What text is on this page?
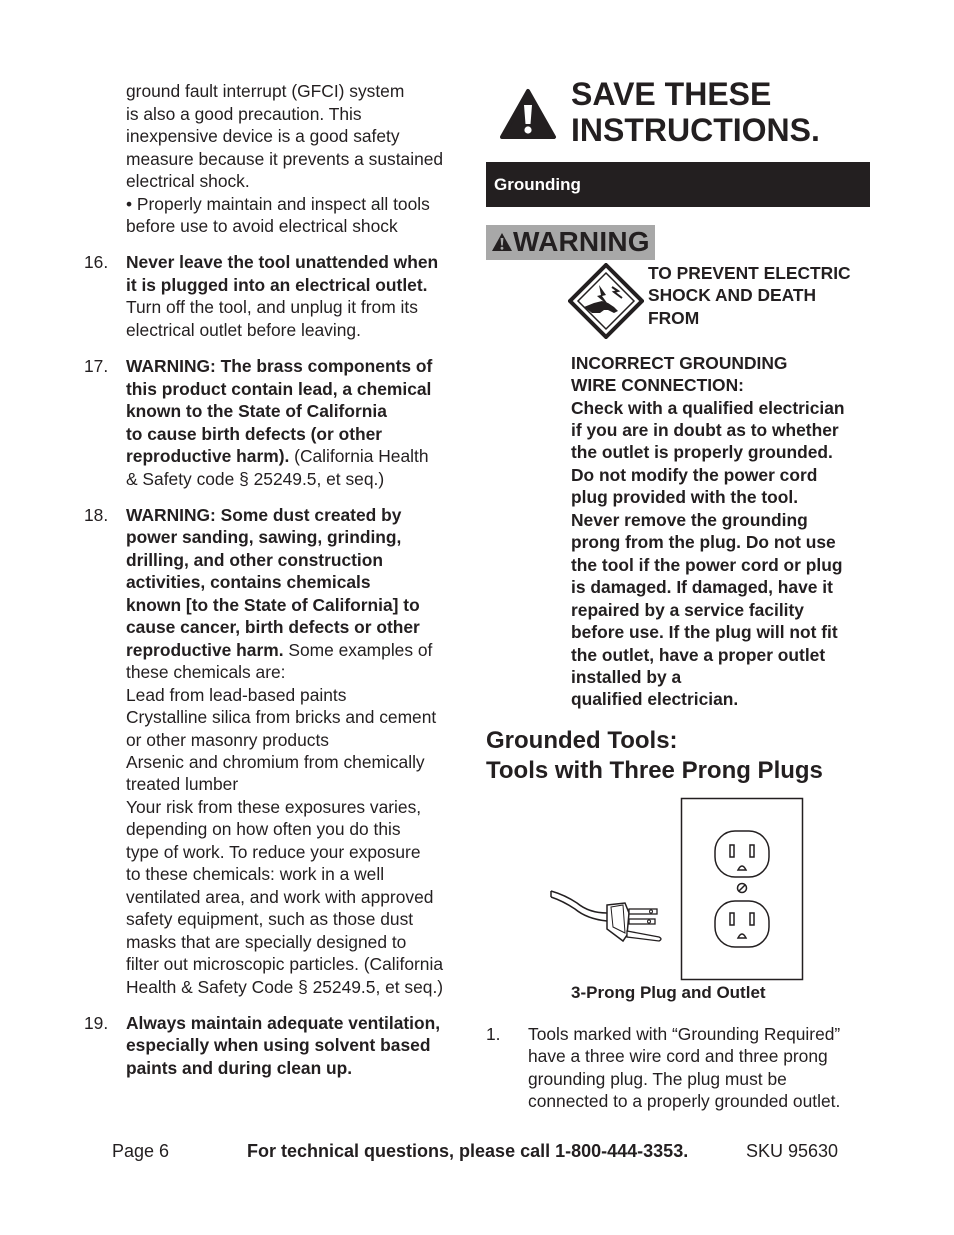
ground fault interrupt (GFCI) system
is also a good precaution. This
inexpensive device is a good safety
measure because it prevents a sustained
electrical shock.
• Properly maintain and inspect all tools
before use to avoid electrical shock
16. Never leave the tool unattended when
it is plugged into an electrical outlet.
Turn off the tool, and unplug it from its
electrical outlet before leaving.
17. WARNING: The brass components of
this product contain lead, a chemical
known to the State of California
to cause birth defects (or other
reproductive harm). (California Health
& Safety code § 25249.5, et seq.)
18. WARNING: Some dust created by
power sanding, sawing, grinding,
drilling, and other construction
activities, contains chemicals
known [to the State of California] to
cause cancer, birth defects or other
reproductive harm. Some examples of
these chemicals are:
Lead from lead-based paints
Crystalline silica from bricks and cement
or other masonry products
Arsenic and chromium from chemically
treated lumber
Your risk from these exposures varies,
depending on how often you do this
type of work. To reduce your exposure
to these chemicals: work in a well
ventilated area, and work with approved
safety equipment, such as those dust
masks that are specially designed to
filter out microscopic particles. (California
Health & Safety Code § 25249.5, et seq.)
19. Always maintain adequate ventilation,
especially when using solvent based
paints and during clean up.
SAVE THESE
INSTRUCTIONS.
Grounding
WARNING
TO PREVENT ELECTRIC
SHOCK AND DEATH
FROM
INCORRECT GROUNDING
WIRE CONNECTION:
Check with a qualified electrician
if you are in doubt as to whether
the outlet is properly grounded.
Do not modify the power cord
plug provided with the tool.
Never remove the grounding
prong from the plug. Do not use
the tool if the power cord or plug
is damaged. If damaged, have it
repaired by a service facility
before use. If the plug will not fit
the outlet, have a proper outlet
installed by a
qualified electrician.
Grounded Tools:
Tools with Three Prong Plugs
3-Prong Plug and Outlet
1. Tools marked with “Grounding Required”
have a three wire cord and three prong
grounding plug. The plug must be
connected to a properly grounded outlet.
Page 6	For technical questions, please call 1-800-444-3353.	SKU 95630
